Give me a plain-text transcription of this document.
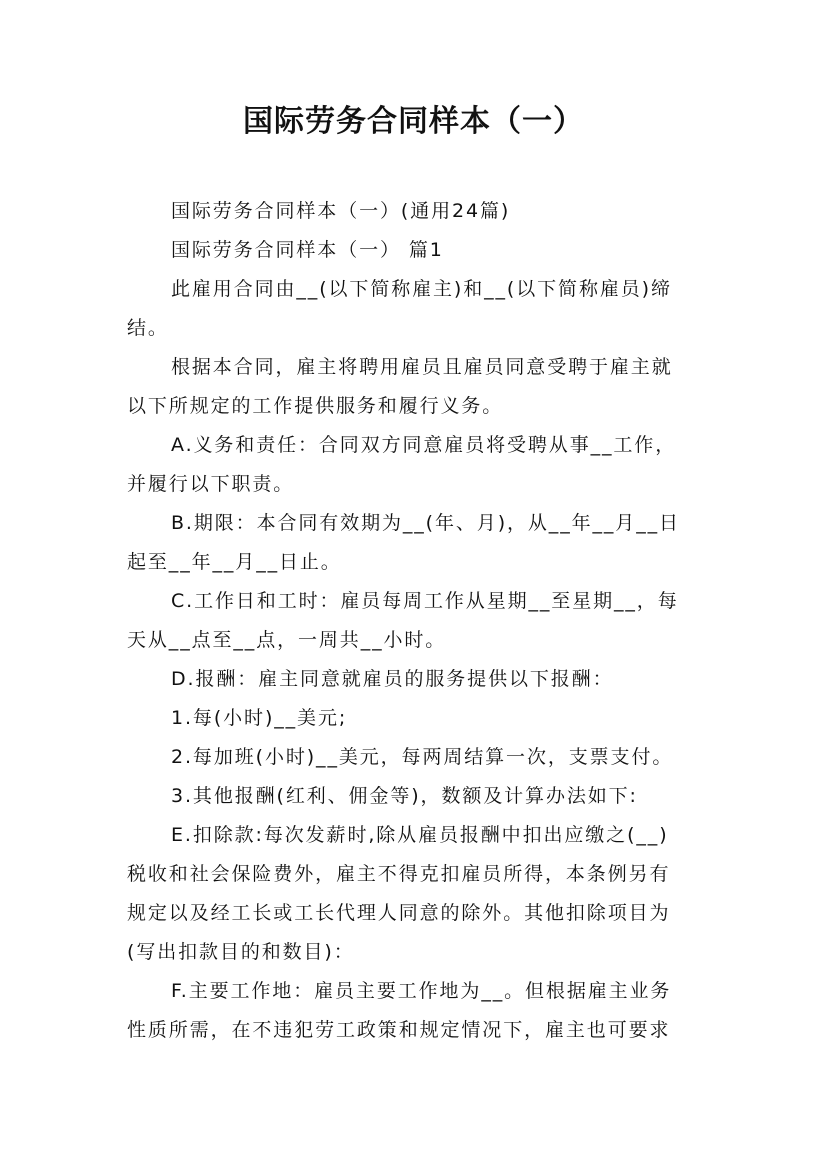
国际劳务合同样本（一）
国际劳务合同样本（一）(通用24篇)
国际劳务合同样本（一） 篇1
此雇用合同由__(以下简称雇主)和__(以下简称雇员)缔
结。
根据本合同，雇主将聘用雇员且雇员同意受聘于雇主就
以下所规定的工作提供服务和履行义务。
A.义务和责任：合同双方同意雇员将受聘从事__工作，
并履行以下职责。
B.期限：本合同有效期为__(年、月)，从__年__月__日
起至__年__月__日止。
C.工作日和工时：雇员每周工作从星期__至星期__，每
天从__点至__点，一周共__小时。
D.报酬：雇主同意就雇员的服务提供以下报酬：
1.每(小时)__美元;
2.每加班(小时)__美元，每两周结算一次，支票支付。
3.其他报酬(红利、佣金等)，数额及计算办法如下:
E.扣除款:每次发薪时,除从雇员报酬中扣出应缴之(__)
税收和社会保险费外，雇主不得克扣雇员所得，本条例另有
规定以及经工长或工长代理人同意的除外。其他扣除项目为
(写出扣款目的和数目)：
F.主要工作地：雇员主要工作地为__。但根据雇主业务
性质所需，在不违犯劳工政策和规定情况下，雇主也可要求
